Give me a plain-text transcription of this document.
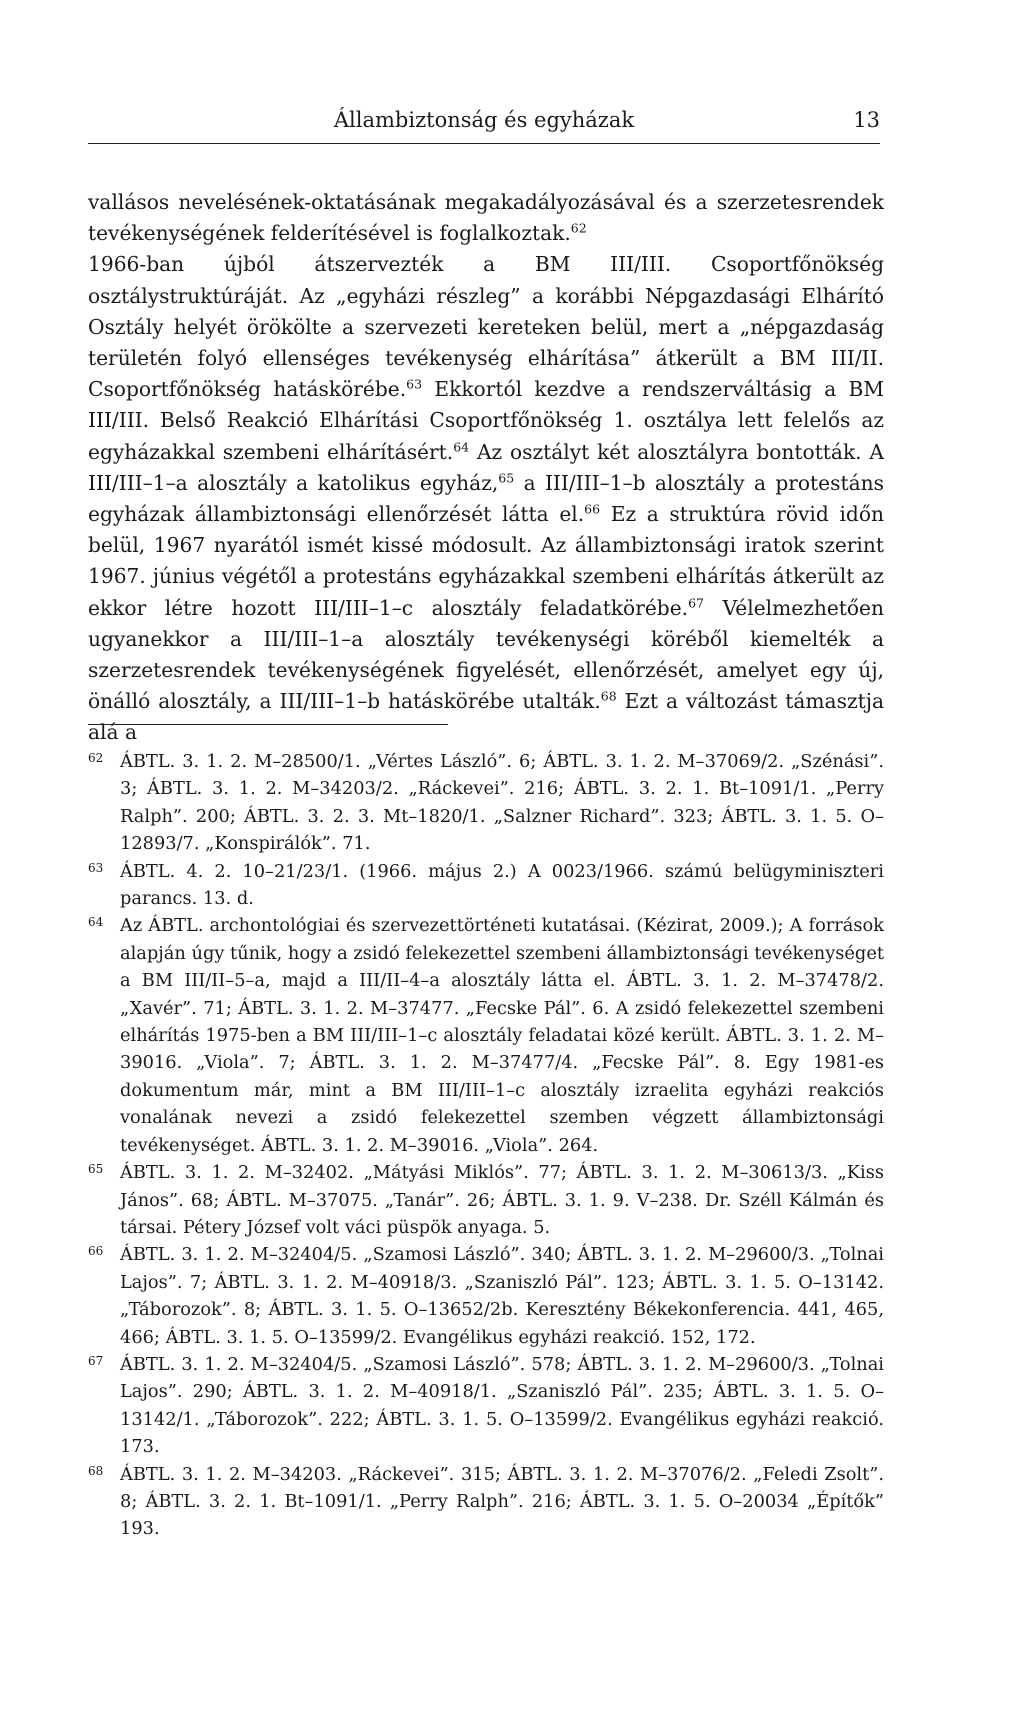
Állambiztonság és egyházak	13
vallásos nevelésének-oktatásának megakadályozásával és a szerzetesrendek tevékenységének felderítésével is foglalkoztak.$^{62}$
1966-ban újból átszervezték a BM III/III. Csoportfőnökség osztálystruktúráját. Az „egyházi részleg” a korábbi Népgazdasági Elhárító Osztály helyét örökölte a szervezeti kereteken belül, mert a „népgazdaság területén folyó ellenséges tevékenység elhárítása” átkerült a BM III/II. Csoportfőnökség hatáskörébe.$^{63}$ Ekkortól kezdve a rendszerváltásig a BM III/III. Belső Reakció Elhárítási Csoportfőnökség 1. osztálya lett felelős az egyházakkal szembeni elhárításért.$^{64}$ Az osztályt két alosztályra bontották. A III/III–1–a alosztály a katolikus egyház,$^{65}$ a III/III–1–b alosztály a protestáns egyházak állambiztonsági ellenőrzését látta el.$^{66}$ Ez a struktúra rövid időn belül, 1967 nyarától ismét kissé módosult. Az állambiztonsági iratok szerint 1967. június végétől a protestáns egyházakkal szembeni elhárítás átkerült az ekkor létre hozott III/III–1–c alosztály feladatkörébe.$^{67}$ Vélelmezhetően ugyanekkor a III/III–1–a alosztály tevékenységi köréből kiemelték a szerzetesrendek tevékenységének figyelését, ellenőrzését, amelyet egy új, önálló alosztály, a III/III–1–b hatáskörébe utalták.$^{68}$ Ezt a változást támasztja alá a
62 ÁBTL. 3. 1. 2. M–28500/1. „Vértes László”. 6; ÁBTL. 3. 1. 2. M–37069/2. „Szénási”. 3; ÁBTL. 3. 1. 2. M–34203/2. „Ráckevei”. 216; ÁBTL. 3. 2. 1. Bt–1091/1. „Perry Ralph”. 200; ÁBTL. 3. 2. 3. Mt–1820/1. „Salzner Richard”. 323; ÁBTL. 3. 1. 5. O–12893/7. „Konspirálók”. 71.
63 ÁBTL. 4. 2. 10–21/23/1. (1966. május 2.) A 0023/1966. számú belügyminiszteri parancs. 13. d.
64 Az ÁBTL. archontológiai és szervezettörténeti kutatásai. (Kézirat, 2009.); A források alapján úgy tűnik, hogy a zsidó felekezettel szembeni állambiztonsági tevékenységet a BM III/II–5–a, majd a III/II–4–a alosztály látta el. ÁBTL. 3. 1. 2. M–37478/2. „Xavér”. 71; ÁBTL. 3. 1. 2. M–37477. „Fecske Pál”. 6. A zsidó felekezettel szembeni elhárítás 1975-ben a BM III/III–1–c alosztály feladatai közé került. ÁBTL. 3. 1. 2. M–39016. „Viola”. 7; ÁBTL. 3. 1. 2. M–37477/4. „Fecske Pál”. 8. Egy 1981-es dokumentum már, mint a BM III/III–1–c alosztály izraelita egyházi reakciós vonalának nevezi a zsidó felekezettel szemben végzett állambiztonsági tevékenységet. ÁBTL. 3. 1. 2. M–39016. „Viola”. 264.
65 ÁBTL. 3. 1. 2. M–32402. „Mátyási Miklós”. 77; ÁBTL. 3. 1. 2. M–30613/3. „Kiss János”. 68; ÁBTL. M–37075. „Tanár”. 26; ÁBTL. 3. 1. 9. V–238. Dr. Széll Kálmán és társai. Pétery József volt váci püspök anyaga. 5.
66 ÁBTL. 3. 1. 2. M–32404/5. „Szamosi László”. 340; ÁBTL. 3. 1. 2. M–29600/3. „Tolnai Lajos”. 7; ÁBTL. 3. 1. 2. M–40918/3. „Szaniszló Pál”. 123; ÁBTL. 3. 1. 5. O–13142. „Táborozok”. 8; ÁBTL. 3. 1. 5. O–13652/2b. Keresztény Békekonferencia. 441, 465, 466; ÁBTL. 3. 1. 5. O–13599/2. Evangélikus egyházi reakció. 152, 172.
67 ÁBTL. 3. 1. 2. M–32404/5. „Szamosi László”. 578; ÁBTL. 3. 1. 2. M–29600/3. „Tolnai Lajos”. 290; ÁBTL. 3. 1. 2. M–40918/1. „Szaniszló Pál”. 235; ÁBTL. 3. 1. 5. O–13142/1. „Táborozok”. 222; ÁBTL. 3. 1. 5. O–13599/2. Evangélikus egyházi reakció. 173.
68 ÁBTL. 3. 1. 2. M–34203. „Ráckevei”. 315; ÁBTL. 3. 1. 2. M–37076/2. „Feledi Zsolt”. 8; ÁBTL. 3. 2. 1. Bt–1091/1. „Perry Ralph”. 216; ÁBTL. 3. 1. 5. O–20034 „Építők” 193.
